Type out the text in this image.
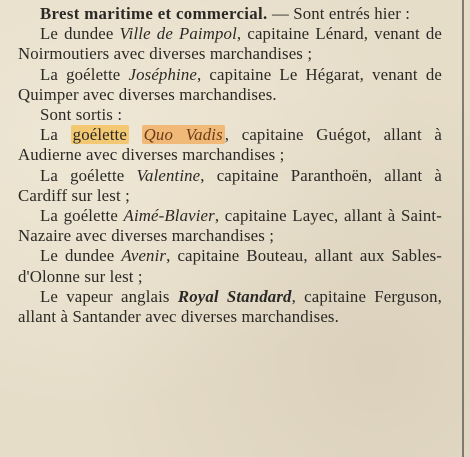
Brest maritime et commercial. — Sont entrés hier :

Le dundee Ville de Paimpol, capitaine Lénard, venant de Noirmoutiers avec diverses marchandises ;

La goélette Joséphine, capitaine Le Hégarat, venant de Quimper avec diverses marchandises.

Sont sortis :

La goélette Quo Vadis , capitaine Guégot, allant à Audierne avec diverses marchandises ;

La goélette Valentine, capitaine Paranthoën, allant à Cardiff sur lest ;

La goélette Aimé-Blavier, capitaine Layec, allant à Saint-Nazaire avec diverses marchandises ;

Le dundee Avenir, capitaine Bouteau, allant aux Sables-d'Olonne sur lest ;

Le vapeur anglais Royal Standard, capitaine Ferguson, allant à Santander avec diverses marchandises.
